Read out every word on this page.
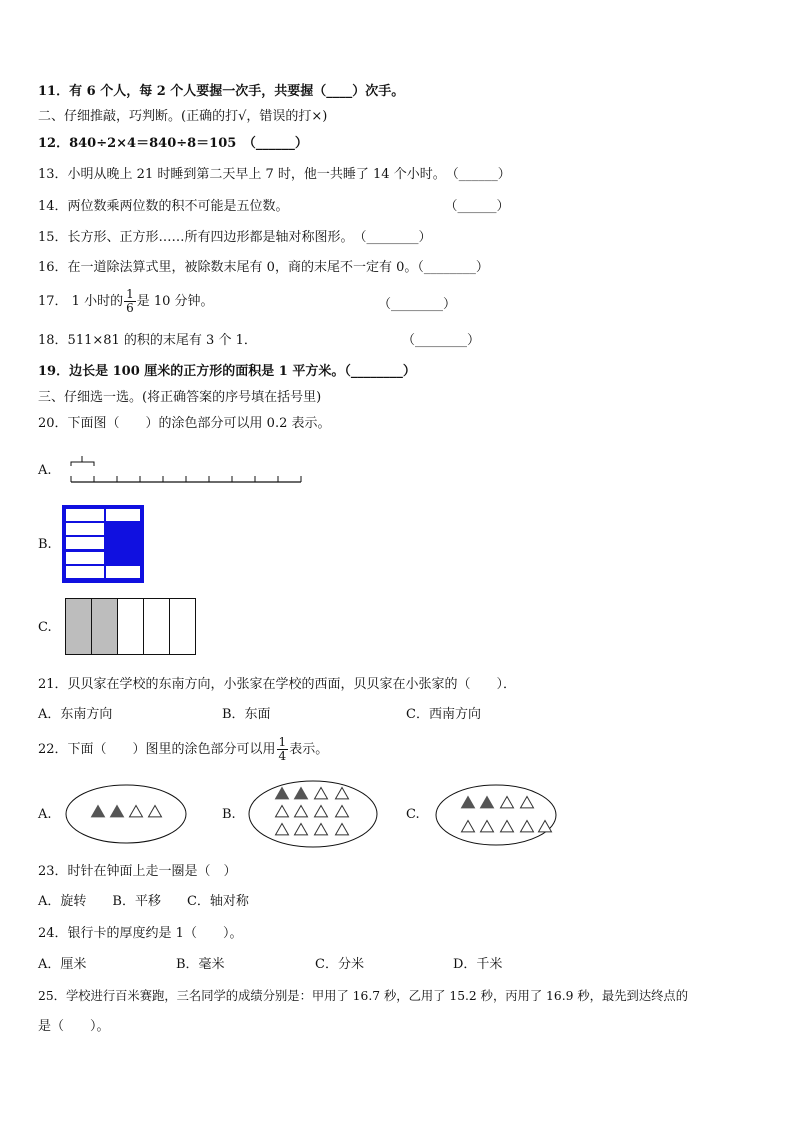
11．有 6 个人，每 2 个人要握一次手，共要握（____）次手。
二、仔细推敲，巧判断。(正确的打√，错误的打×)
12．840÷2×4＝840÷8＝105　（______）
13．小明从晚上 21 时睡到第二天早上 7 时，他一共睡了 14 个小时。　（______）
14．两位数乘两位数的积不可能是五位数。　　　　　　　　　　　　　（______）
15．长方形、正方形……所有四边形都是轴对称图形。　（________）
16．在一道除法算式里，被除数末尾有 0，商的末尾不一定有 0。（________）
17． 1 小时的 $\frac{1}{6}$ 是 10 分钟。	（________）
18．511×81 的积的末尾有 3 个 1．	（________）
19．边长是 100 厘米的正方形的面积是 1 平方米。（________）
三、仔细选一选。(将正确答案的序号填在括号里)
20．下面图（　　）的涂色部分可以用 0.2 表示。
A.
B.
C.
21．贝贝家在学校的东南方向，小张家在学校的西面，贝贝家在小张家的（　　）．
A．东南方向	B．东面	C．西南方向
22．下面（　　）图里的涂色部分可以用 $\frac{1}{4}$ 表示。
A.	B.	C.
23．时针在钟面上走一圈是（　）
A．旋转　　B．平移　　C．轴对称
24．银行卡的厚度约是 1（　　）。
A．厘米	B．毫米	C．分米	D．千米
25．学校进行百米赛跑，三名同学的成绩分别是：甲用了 16.7 秒，乙用了 15.2 秒，丙用了 16.9 秒，最先到达终点的
是（　　）。
